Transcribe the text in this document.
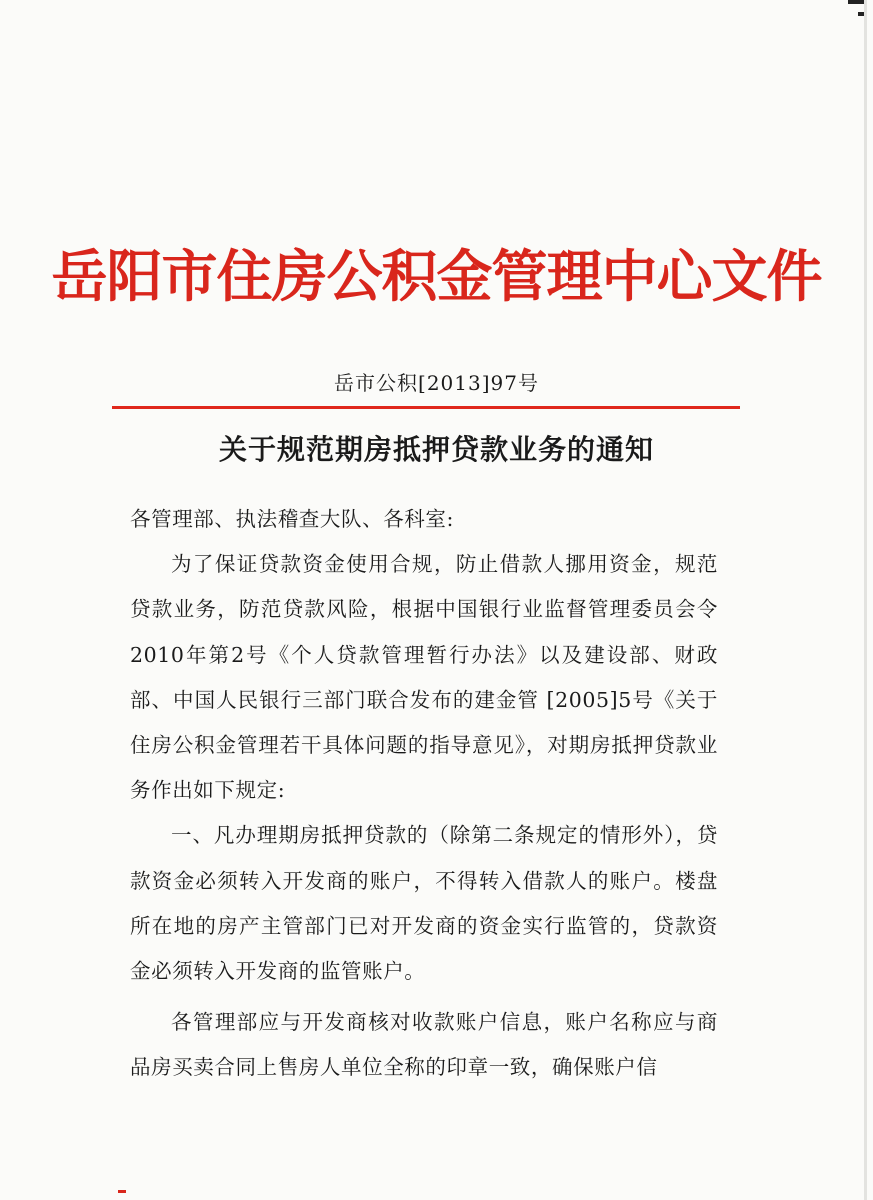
岳阳市住房公积金管理中心文件
岳市公积[2013]97号
关于规范期房抵押贷款业务的通知

各管理部、执法稽查大队、各科室:

为了保证贷款资金使用合规，防止借款人挪用资金，规范贷款业务，防范贷款风险，根据中国银行业监督管理委员会令2010年第2号《个人贷款管理暂行办法》以及建设部、财政部、中国人民银行三部门联合发布的建金管 [2005]5号《关于住房公积金管理若干具体问题的指导意见》，对期房抵押贷款业务作出如下规定:

一、凡办理期房抵押贷款的（除第二条规定的情形外），贷款资金必须转入开发商的账户，不得转入借款人的账户。楼盘所在地的房产主管部门已对开发商的资金实行监管的，贷款资金必须转入开发商的监管账户。

各管理部应与开发商核对收款账户信息，账户名称应与商品房买卖合同上售房人单位全称的印章一致，确保账户信
